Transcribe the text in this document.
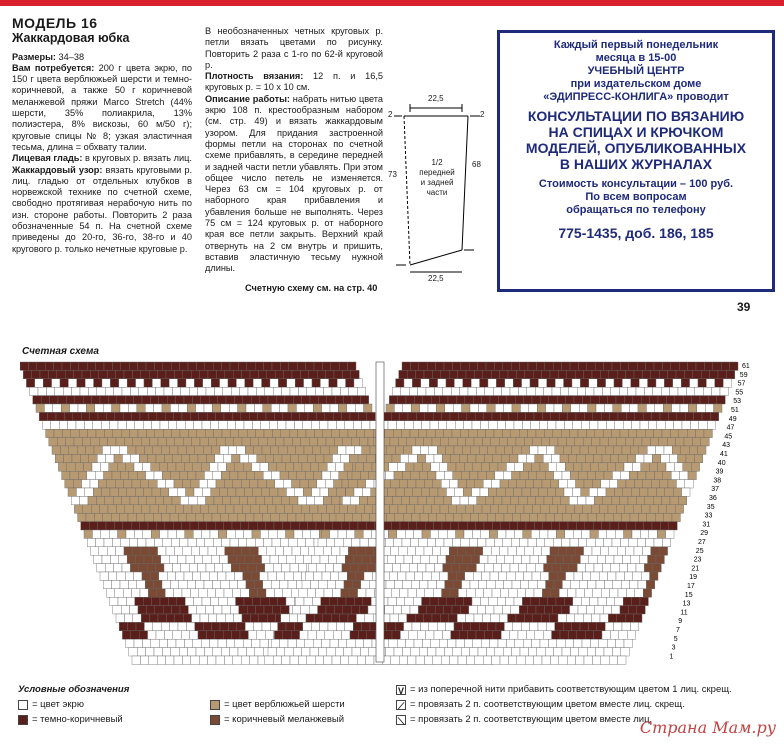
МОДЕЛЬ 16
Жаккардовая юбка

Размеры: 34–38

Вам потребуется: 200 г цвета экрю, по 150 г цвета верблюжьей шерсти и темно-коричневой, а также 50 г коричневой меланжевой пряжи Marco Stretch (44% шерсти, 35% полиакрила, 13% полиэстера, 8% вискозы, 60 м/50 г); круговые спицы № 8; узкая эластичная тесьма, длина = обхвату талии.

Лицевая гладь: в круговых р. вязать лиц.

Жаккардовый узор: вязать круговыми р. лиц. гладью от отдельных клубков в норвежской технике по счетной схеме, свободно протягивая нерабочую нить по изн. стороне работы. Повторить 2 раза обозначенные 54 п. На счетной схеме приведены до 20-го, 36-го, 38-го и 40 кругового р. только нечетные круговые р.

В необозначенных четных круговых р. петли вязать цветами по рисунку. Повторить 2 раза с 1-го по 62-й круговой р.

Плотность вязания: 12 п. и 16,5 круговых р. = 10 х 10 см.

Описание работы: набрать нитью цвета экрю 108 п. крестообразным набором (см. стр. 49) и вязать жаккардовым узором. Для придания застроенной формы петли на сторонах по счетной схеме прибавлять, в середине передней и задней части петли убавлять. При этом общее число петель не изменяется. Через 63 см = 104 круговых р. от наборного края прибавления и убавления больше не выполнять. Через 75 см = 124 круговых р. от наборного края все петли закрыть. Верхний край отвернуть на 2 см внутрь и пришить, вставив эластичную тесьму нужной длины.

Счетную схему см. на стр. 40
22,5
22,5
73
68
2	2
1/2 передней и задней части
Каждый первый понедельник
месяца в 15-00
УЧЕБНЫЙ ЦЕНТР
при издательском доме
«ЭДИПРЕСС-КОНЛИГА» проводит
КОНСУЛЬТАЦИИ ПО ВЯЗАНИЮ
НА СПИЦАХ И КРЮЧКОМ
МОДЕЛЕЙ, ОПУБЛИКОВАННЫХ
В НАШИХ ЖУРНАЛАХ
Стоимость консультации – 100 руб.
По всем вопросам
обращаться по телефону
775-1435, доб. 186, 185
39
Счетная схема
61
59
57
55
53
51
49
47
45
43
41
40
39
38
37
36
35
33
31
29
27
25
23
21
19
17
15
13
11
9
7
5
3
1
Условные обозначения
= цвет экрю
= темно-коричневый
= цвет верблюжьей шерсти
= коричневый меланжевый
V = из поперечной нити прибавить соответствующим цветом 1 лиц. скрещ.
⟋ = провязать 2 п. соответствующим цветом вместе лиц. скрещ.
⟍ = провязать 2 п. соответствующим цветом вместе лиц.
Страна Мам.ру
